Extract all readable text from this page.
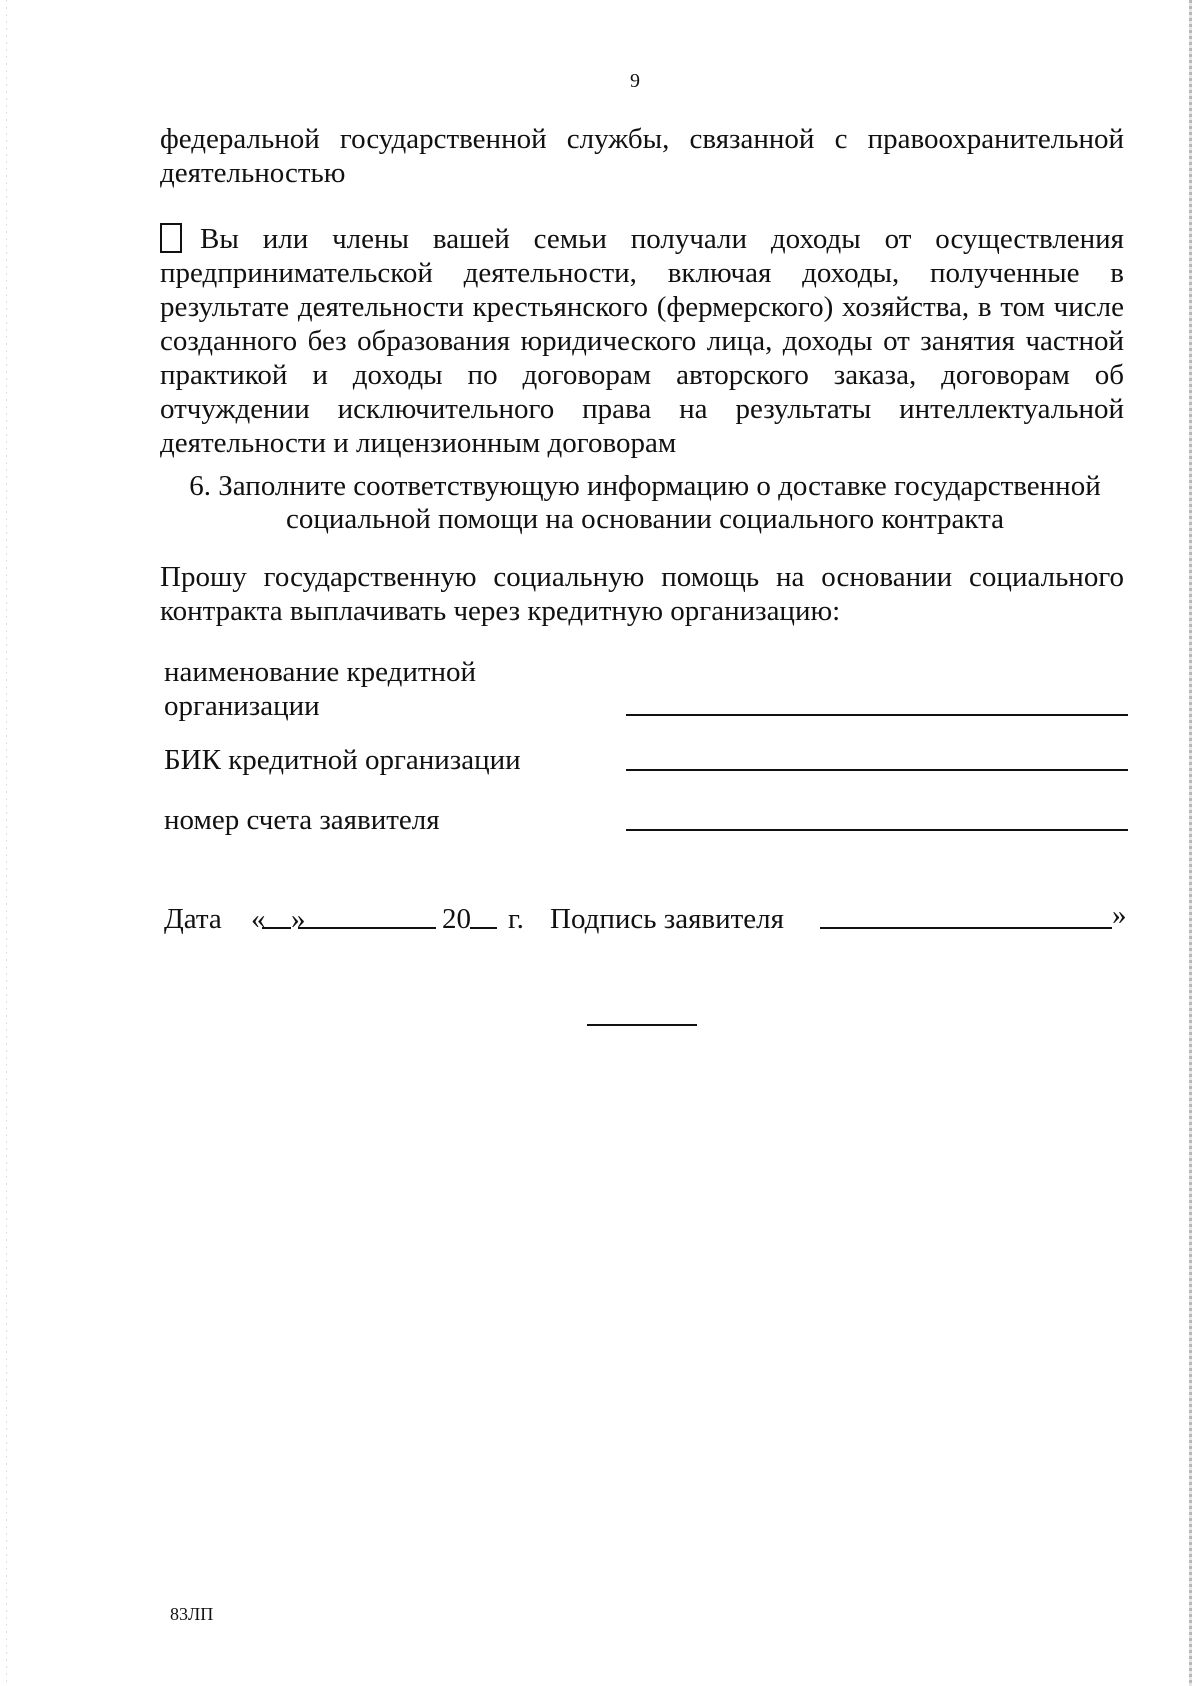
9

федеральной государственной службы, связанной с правоохранительной деятельностью

Вы или члены вашей семьи получали доходы от осуществления предпринимательской деятельности, включая доходы, полученные в результате деятельности крестьянского (фермерского) хозяйства, в том числе созданного без образования юридического лица, доходы от занятия частной практикой и доходы по договорам авторского заказа, договорам об отчуждении исключительного права на результаты интеллектуальной деятельности и лицензионным договорам

6. Заполните соответствующую информацию о доставке государственной
социальной помощи на основании социального контракта

Прошу государственную социальную помощь на основании социального контракта выплачивать через кредитную организацию:

наименование кредитной
организации
БИК кредитной организации
номер счета заявителя
Дата « »	20 г. Подпись заявителя	»
83ЛП
